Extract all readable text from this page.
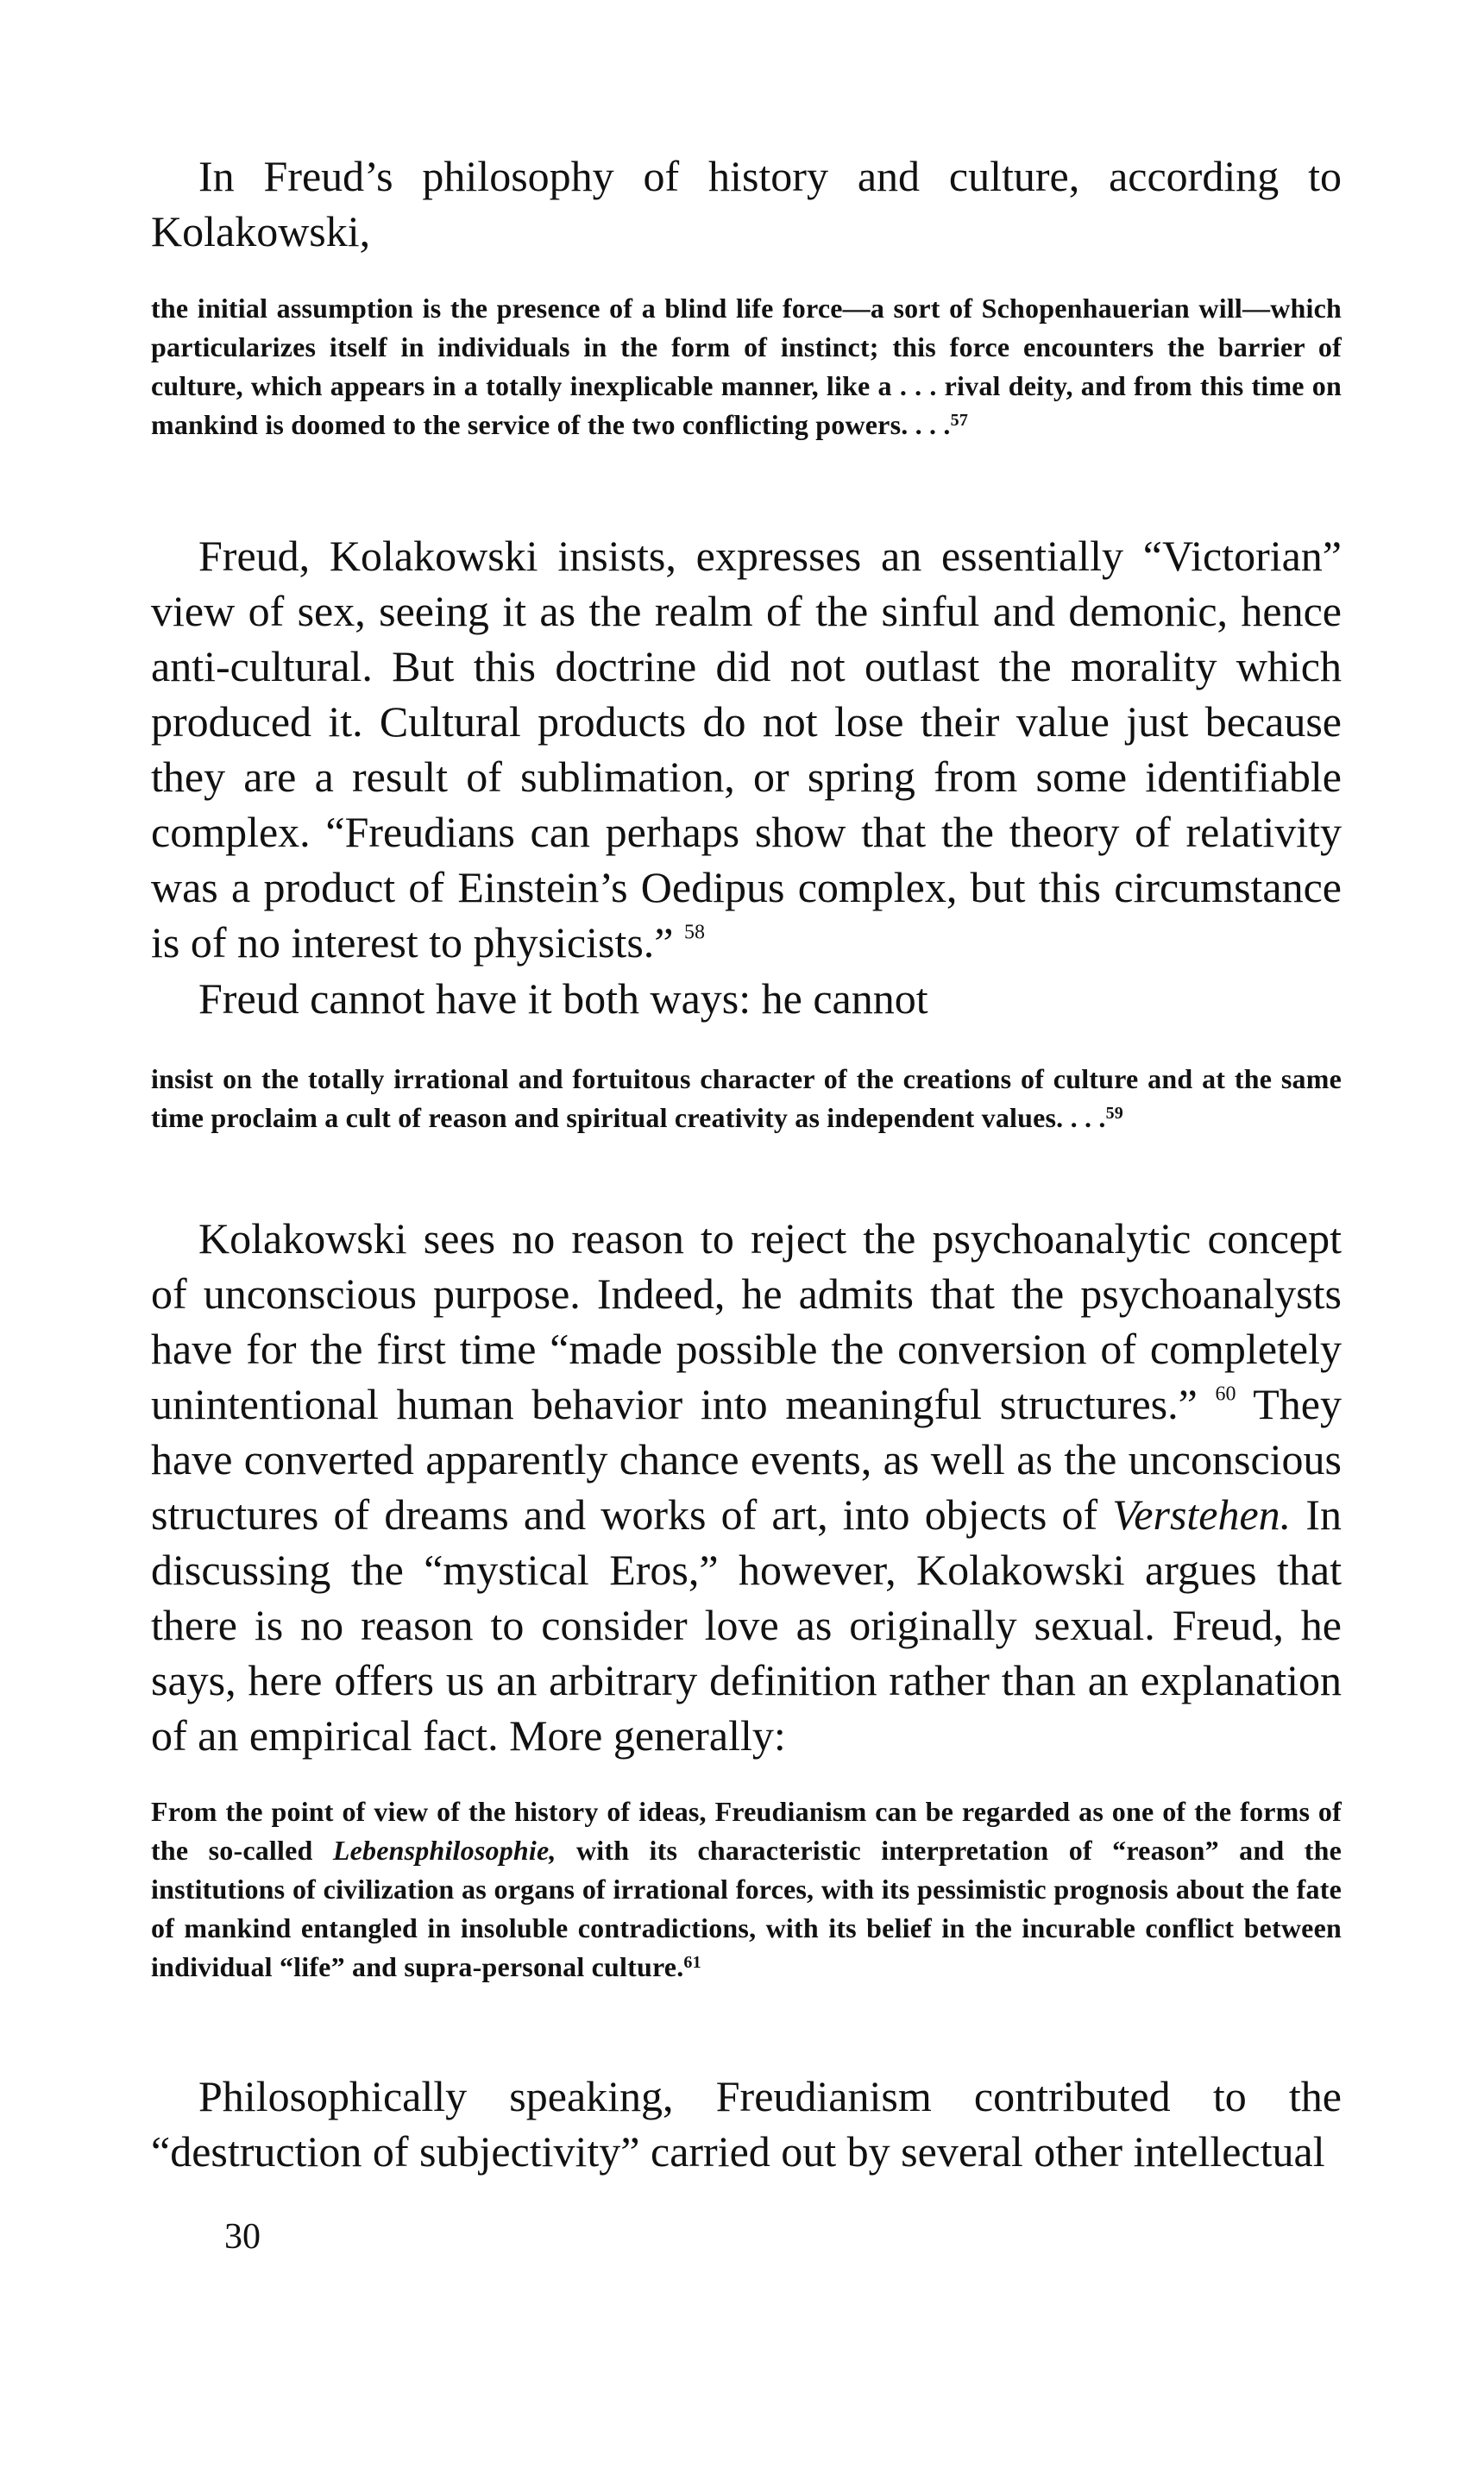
In Freud’s philosophy of history and culture, according to Kolakowski,

the initial assumption is the presence of a blind life force—a sort of Schopenhauerian will—which particularizes itself in individuals in the form of instinct; this force encounters the barrier of culture, which appears in a totally inexplicable manner, like a . . . rival deity, and from this time on mankind is doomed to the service of the two conflicting powers. . . .$^{57}$

Freud, Kolakowski insists, expresses an essentially “Victorian” view of sex, seeing it as the realm of the sinful and demonic, hence anti-cultural. But this doctrine did not outlast the morality which produced it. Cultural products do not lose their value just because they are a result of sublimation, or spring from some identifiable complex. “Freudians can perhaps show that the theory of relativity was a product of Einstein’s Oedipus complex, but this circumstance is of no interest to physicists.” $^{58}$

Freud cannot have it both ways: he cannot

insist on the totally irrational and fortuitous character of the creations of culture and at the same time proclaim a cult of reason and spiritual creativity as independent values. . . .$^{59}$

Kolakowski sees no reason to reject the psychoanalytic concept of unconscious purpose. Indeed, he admits that the psychoanalysts have for the first time “made possible the conversion of completely unintentional human behavior into meaningful structures.” $^{60}$ They have converted apparently chance events, as well as the unconscious structures of dreams and works of art, into objects of Verstehen. In discussing the “mystical Eros,” however, Kolakowski argues that there is no reason to consider love as originally sexual. Freud, he says, here offers us an arbitrary definition rather than an explanation of an empirical fact. More generally:

From the point of view of the history of ideas, Freudianism can be regarded as one of the forms of the so-called Lebensphilosophie, with its characteristic interpretation of “reason” and the institutions of civilization as organs of irrational forces, with its pessimistic prognosis about the fate of mankind entangled in insoluble contradictions, with its belief in the incurable conflict between individual “life” and supra-personal culture.$^{61}$

Philosophically speaking, Freudianism contributed to the “destruction of subjectivity” carried out by several other intellectual

30
